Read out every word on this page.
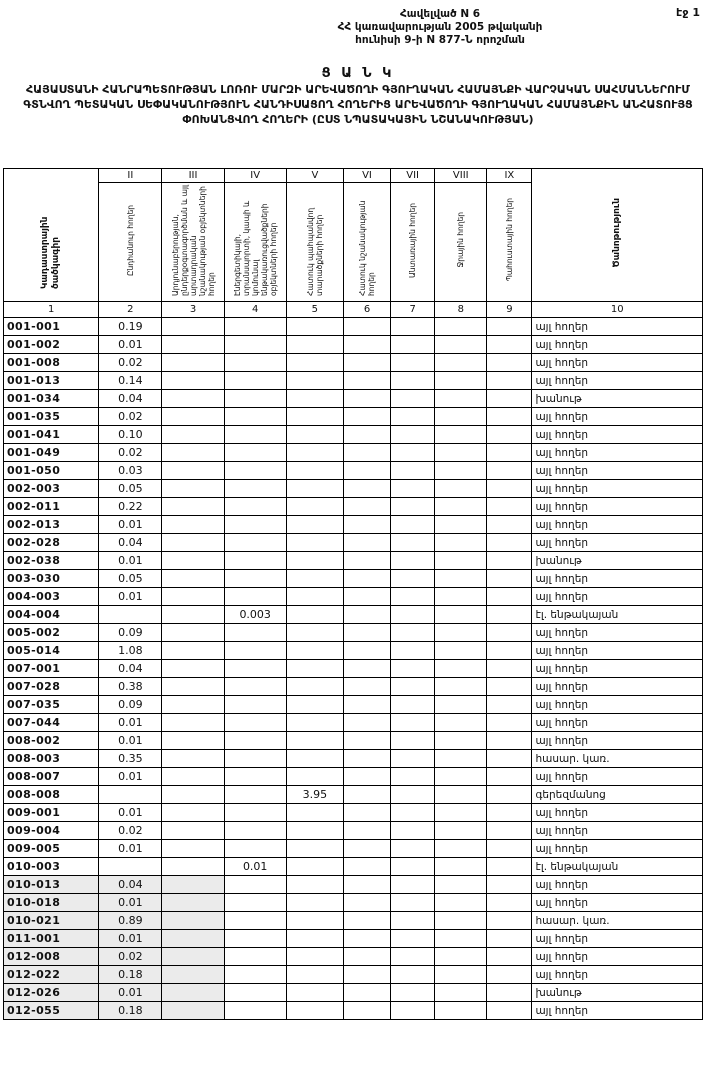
էջ 1
Հավելված N 6
ՀՀ կառավարության 2005 թվականի
հունիսի 9-ի N 877-Ն որոշման
Ց Ա Ն Կ
ՀԱՅԱՍՏԱՆԻ ՀԱՆՐԱՊԵՏՈՒԹՅԱՆ ԼՈՌՈՒ ՄԱՐԶԻ ԱՐԵՎԱԾՈՂԻ ԳՅՈՒՂԱԿԱՆ ՀԱՄԱՅՆՔԻ ՎԱՐՉԱԿԱՆ ՍԱՀՄԱՆՆԵՐՈՒՄ ԳՏՆՎՈՂ ՊԵՏԱԿԱՆ ՍԵՓԱԿԱՆՈՒԹՅՈՒՆ ՀԱՆԴԻՍԱՑՈՂ ՀՈՂԵՐԻՑ ԱՐԵՎԱԾՈՂԻ ԳՅՈՒՂԱԿԱՆ ՀԱՄԱՅՆՔԻՆ ԱՆՀԱՏՈՒՅՑ ՓՈԽԱՆՑՎՈՂ ՀՈՂԵՐԻ (ԸՍՏ ՆՊԱՏԱԿԱՅԻՆ ՆՇԱՆԱԿՈՒԹՅԱՆ)
Կադաստրային ծածկագիր	II	III	IV	V	VI	VII	VIII	IX	Ծանոթություն
	Ընդհանուր հողեր	Արդյունաբերության, ընդերքօգտագործման և այլ արտադրական նշանակության օբյեկտների հողեր	Էներգետիկայի, տրանսպորտի, կապի և կոմունալ ենթակառուցվածքների օբյեկտների հողեր	Հատուկ պահպանվող տարածքների հողեր	Հատուկ նշանակության հողեր	Անտառային հողեր	Ջրային հողեր	Պահուստային հողեր	
1	2	3	4	5	6	7	8	9	10
001-001	0.19								այլ հողեր
001-002	0.01								այլ հողեր
001-008	0.02								այլ հողեր
001-013	0.14								այլ հողեր
001-034	0.04								խանութ
001-035	0.02								այլ հողեր
001-041	0.10								այլ հողեր
001-049	0.02								այլ հողեր
001-050	0.03								այլ հողեր
002-003	0.05								այլ հողեր
002-011	0.22								այլ հողեր
002-013	0.01								այլ հողեր
002-028	0.04								այլ հողեր
002-038	0.01								խանութ
003-030	0.05								այլ հողեր
004-003	0.01								այլ հողեր
004-004			0.003						էլ. ենթակայան
005-002	0.09								այլ հողեր
005-014	1.08								այլ հողեր
007-001	0.04								այլ հողեր
007-028	0.38								այլ հողեր
007-035	0.09								այլ հողեր
007-044	0.01								այլ հողեր
008-002	0.01								այլ հողեր
008-003	0.35								հասար. կառ.
008-007	0.01								այլ հողեր
008-008				3.95					գերեզմանոց
009-001	0.01								այլ հողեր
009-004	0.02								այլ հողեր
009-005	0.01								այլ հողեր
010-003			0.01						էլ. ենթակայան
010-013	0.04								այլ հողեր
010-018	0.01								այլ հողեր
010-021	0.89								հասար. կառ.
011-001	0.01								այլ հողեր
012-008	0.02								այլ հողեր
012-022	0.18								այլ հողեր
012-026	0.01								խանութ
012-055	0.18								այլ հողեր
